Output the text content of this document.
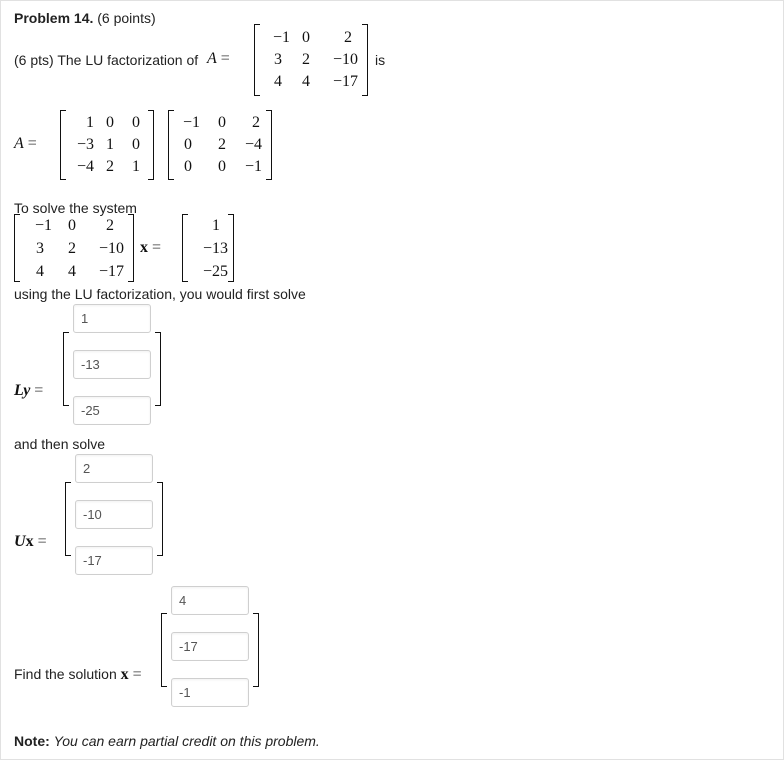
Problem 14. (6 points)
(6 pts) The LU factorization of A =
−1 0	2
3	2	−10
4	4	−17
is
A =
1 0	0
−3 1	0
−4 2	1
−1	0	2
0	2	−4
0	0	−1
To solve the system
−1	0	2
3	2	−10
4	4	−17
x =
1
−13
−25
using the LU factorization, you would first solve
Ly =
1
-13
-25
and then solve
Ux =
2
-10
-17
Find the solution x =
4
-17
-1
Note: You can earn partial credit on this problem.
